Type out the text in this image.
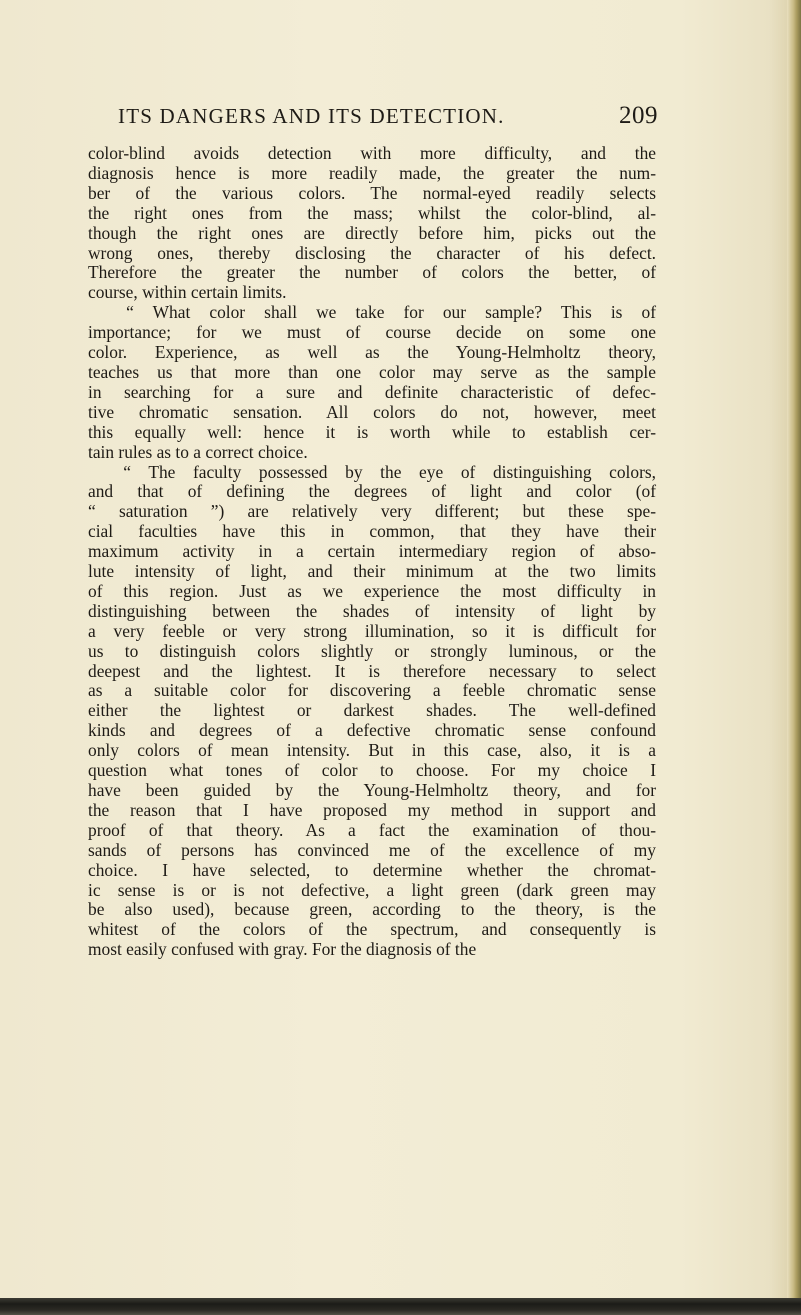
ITS DANGERS AND ITS DETECTION.	209
color-blind avoids detection with more difficulty, and the
diagnosis hence is more readily made, the greater the num-
ber of the various colors. The normal-eyed readily selects
the right ones from the mass; whilst the color-blind, al-
though the right ones are directly before him, picks out the
wrong ones, thereby disclosing the character of his defect.
Therefore the greater the number of colors the better, of
course, within certain limits.
“ What color shall we take for our sample? This is of
importance; for we must of course decide on some one
color. Experience, as well as the Young-Helmholtz theory,
teaches us that more than one color may serve as the sample
in searching for a sure and definite characteristic of defec-
tive chromatic sensation. All colors do not, however, meet
this equally well: hence it is worth while to establish cer-
tain rules as to a correct choice.
“ The faculty possessed by the eye of distinguishing colors,
and that of defining the degrees of light and color (of
“ saturation ”) are relatively very different; but these spe-
cial faculties have this in common, that they have their
maximum activity in a certain intermediary region of abso-
lute intensity of light, and their minimum at the two limits
of this region. Just as we experience the most difficulty in
distinguishing between the shades of intensity of light by
a very feeble or very strong illumination, so it is difficult for
us to distinguish colors slightly or strongly luminous, or the
deepest and the lightest. It is therefore necessary to select
as a suitable color for discovering a feeble chromatic sense
either the lightest or darkest shades. The well-defined
kinds and degrees of a defective chromatic sense confound
only colors of mean intensity. But in this case, also, it is a
question what tones of color to choose. For my choice I
have been guided by the Young-Helmholtz theory, and for
the reason that I have proposed my method in support and
proof of that theory. As a fact the examination of thou-
sands of persons has convinced me of the excellence of my
choice. I have selected, to determine whether the chromat-
ic sense is or is not defective, a light green (dark green may
be also used), because green, according to the theory, is the
whitest of the colors of the spectrum, and consequently is
most easily confused with gray. For the diagnosis of the
